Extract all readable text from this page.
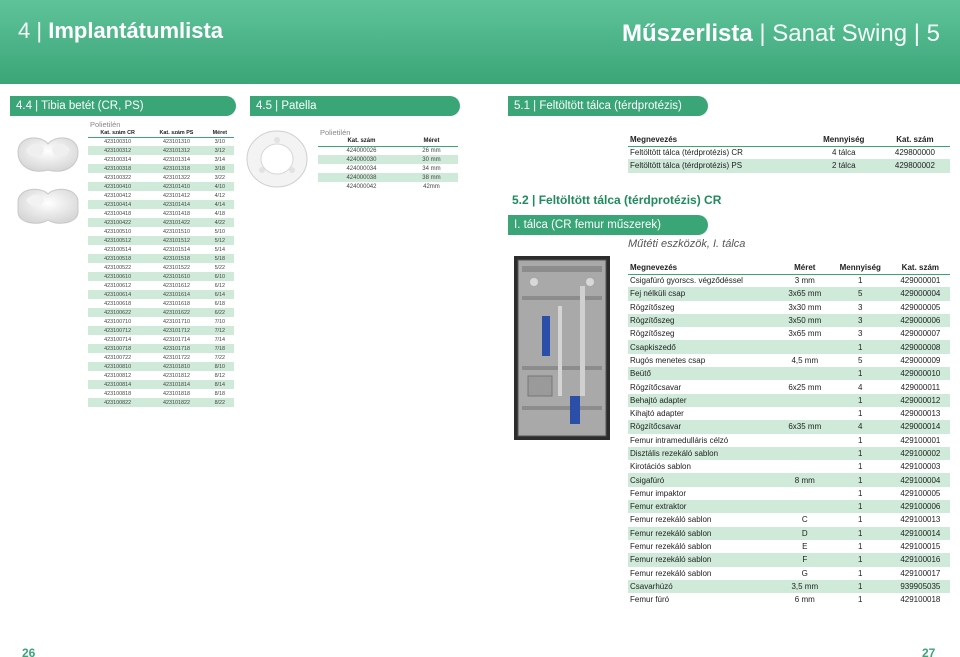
4 | Implantátumlista	Műszerlista | Sanat Swing | 5
4.4 | Tibia betét (CR, PS)	4.5 | Patella	5.1 | Feltöltött tálca (térdprotézis)
Polietilén
Kat. szám CR	Kat. szám PS	Méret
423100310	423101310	3/10
423100312	423101312	3/12
423100314	423101314	3/14
423100318	423101318	3/18
423100322	423101322	3/22
423100410	423101410	4/10
423100412	423101412	4/12
423100414	423101414	4/14
423100418	423101418	4/18
423100422	423101422	4/22
423100510	423101510	5/10
423100512	423101512	5/12
423100514	423101514	5/14
423100518	423101518	5/18
423100522	423101522	5/22
423100610	423101610	6/10
423100612	423101612	6/12
423100614	423101614	6/14
423100618	423101618	6/18
423100622	423101622	6/22
423100710	423101710	7/10
423100712	423101712	7/12
423100714	423101714	7/14
423100718	423101718	7/18
423100722	423101722	7/22
423100810	423101810	8/10
423100812	423101812	8/12
423100814	423101814	8/14
423100818	423101818	8/18
423100822	423101822	8/22
Polietilén
Kat. szám	Méret
424000026	26 mm
424000030	30 mm
424000034	34 mm
424000038	38 mm
424000042	42mm
Megnevezés	Mennyiség	Kat. szám
Feltöltött tálca (térdprotézis) CR	4 tálca	429800000
Feltöltött tálca (térdprotézis) PS	2 tálca	429800002
5.2 | Feltöltött tálca (térdprotézis) CR
I. tálca (CR femur műszerek)
Műtéti eszközök, I. tálca
Megnevezés	Méret	Mennyiség	Kat. szám
Csigafúró gyorscs. végződéssel	3 mm	1	429000001
Fej nélküli csap	3x65 mm	5	429000004
Rögzítőszeg	3x30 mm	3	429000005
Rögzítőszeg	3x50 mm	3	429000006
Rögzítőszeg	3x65 mm	3	429000007
Csapkiszedő		1	429000008
Rugós menetes csap	4,5 mm	5	429000009
Beütő		1	429000010
Rögzítőcsavar	6x25 mm	4	429000011
Behajtó adapter		1	429000012
Kihajtó adapter		1	429000013
Rögzítőcsavar	6x35 mm	4	429000014
Femur intramedulláris célzó		1	429100001
Disztális rezekáló sablon		1	429100002
Kirotációs sablon		1	429100003
Csigafúró	8 mm	1	429100004
Femur impaktor		1	429100005
Femur extraktor		1	429100006
Femur rezekáló sablon	C	1	429100013
Femur rezekáló sablon	D	1	429100014
Femur rezekáló sablon	E	1	429100015
Femur rezekáló sablon	F	1	429100016
Femur rezekáló sablon	G	1	429100017
Csavarhúzó	3,5 mm	1	939905035
Femur fúró	6 mm	1	429100018
26	27
